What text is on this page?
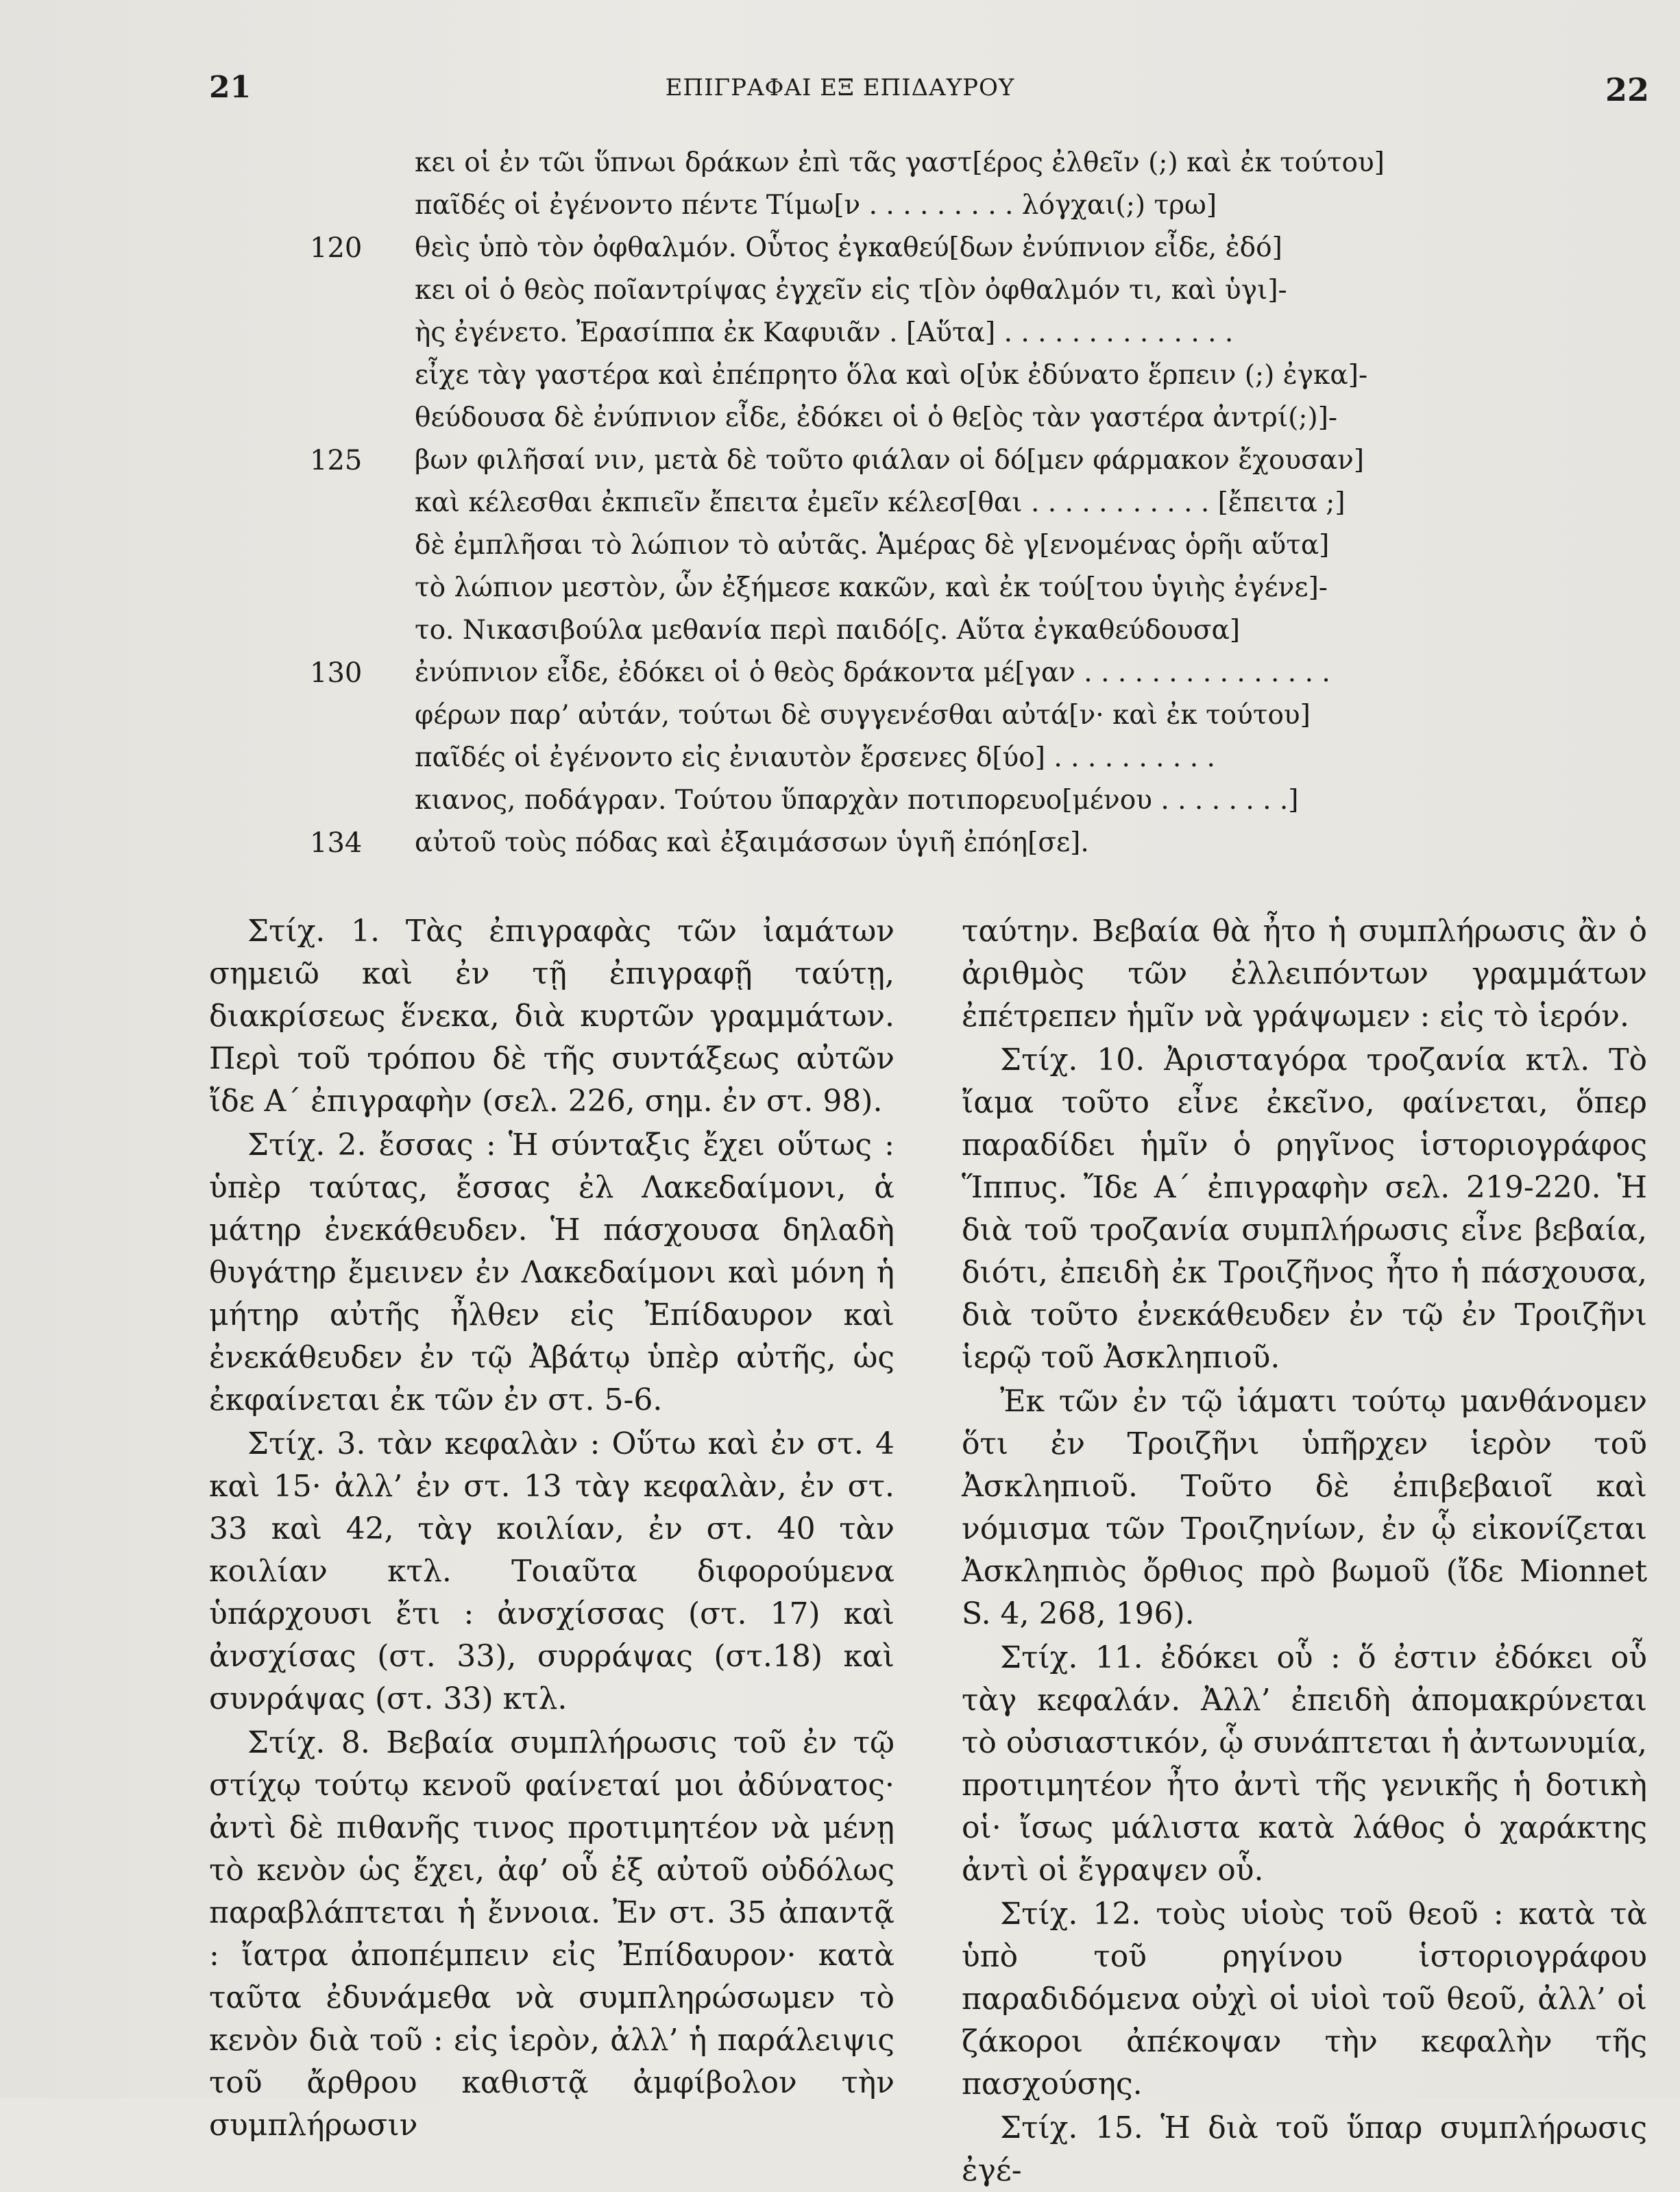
21	ΕΠΙΓΡΑΦΑΙ ΕΞ ΕΠΙΔΑΥΡΟΥ	22
κει οἱ ἐν τῶι ὕπνωι δράκων ἐπὶ τᾶς γαστ[έρος ἐλθεῖν (;) καὶ ἐκ τούτου]
παῖδές οἱ ἐγένοντο πέντε Τίμω[ν . . . . . . . . . λόγχαι(;) τρω]
120 θεὶς ὑπὸ τὸν ὀφθαλμόν. Οὗτος ἐγκαθεύ[δων ἐνύπνιον εἶδε, ἐδό]
κει οἱ ὁ θεὸς ποῖαντρίψας ἐγχεῖν εἰς τ[ὸν ὀφθαλμόν τι, καὶ ὑγι]-
ὴς ἐγένετο. Ἐρασίππα ἐκ Καφυιᾶν . [Αὕτα] . . . . . . . . . . . . . .
εἶχε τὰγ γαστέρα καὶ ἐπέπρητο ὅλα καὶ ο[ὐκ ἐδύνατο ἕρπειν (;) ἐγκα]-
θεύδουσα δὲ ἐνύπνιον εἶδε, ἐδόκει οἱ ὁ θε[ὸς τὰν γαστέρα ἀντρί(;)]-
125 βων φιλῆσαί νιν, μετὰ δὲ τοῦτο φιάλαν οἱ δό[μεν φάρμακον ἔχουσαν]
καὶ κέλεσθαι ἐκπιεῖν ἔπειτα ἐμεῖν κέλεσ[θαι . . . . . . . . . . . [ἔπειτα ;]
δὲ ἐμπλῆσαι τὸ λώπιον τὸ αὐτᾶς. Ἁμέρας δὲ γ[ενομένας ὁρῆι αὕτα]
τὸ λώπιον μεστὸν, ὧν ἐξήμεσε κακῶν, καὶ ἐκ τού[του ὑγιὴς ἐγένε]-
το. Νικασιβούλα μεθανία περὶ παιδό[ς. Αὕτα ἐγκαθεύδουσα]
130 ἐνύπνιον εἶδε, ἐδόκει οἱ ὁ θεὸς δράκοντα μέ[γαν . . . . . . . . . . . . . . .
φέρων παρ’ αὐτάν, τούτωι δὲ συγγενέσθαι αὐτά[ν· καὶ ἐκ τούτου]
παῖδές οἱ ἐγένοντο εἰς ἐνιαυτὸν ἔρσενες δ[ύο] . . . . . . . . . .
κιανος, ποδάγραν. Τούτου ὕπαρχὰν ποτιπορευο[μένου . . . . . . . .]
134 αὐτοῦ τοὺς πόδας καὶ ἐξαιμάσσων ὑγιῆ ἐπόη[σε].

Στίχ. 1. Τὰς ἐπιγραφὰς τῶν ἰαμάτων σημειῶ καὶ ἐν τῇ ἐπιγραφῇ ταύτῃ, διακρίσεως ἕνεκα, διὰ κυρτῶν γραμμάτων. Περὶ τοῦ τρόπου δὲ τῆς συντάξεως αὐτῶν ἴδε Α΄ ἐπιγραφὴν (σελ. 226, σημ. ἐν στ. 98).

Στίχ. 2. ἔσσας : Ἡ σύνταξις ἔχει οὕτως : ὑπὲρ ταύτας, ἔσσας ἐλ Λακεδαίμονι, ἁ μάτηρ ἐνεκάθευδεν. Ἡ πάσχουσα δηλαδὴ θυγάτηρ ἔμεινεν ἐν Λακεδαίμονι καὶ μόνη ἡ μήτηρ αὐτῆς ἦλθεν εἰς Ἐπίδαυρον καὶ ἐνεκάθευδεν ἐν τῷ Ἀβάτῳ ὑπὲρ αὐτῆς, ὡς ἐκφαίνεται ἐκ τῶν ἐν στ. 5-6.

Στίχ. 3. τὰν κεφαλὰν : Οὕτω καὶ ἐν στ. 4 καὶ 15· ἀλλ’ ἐν στ. 13 τὰγ κεφαλὰν, ἐν στ. 33 καὶ 42, τὰγ κοιλίαν, ἐν στ. 40 τὰν κοιλίαν κτλ. Τοιαῦτα διφορούμενα ὑπάρχουσι ἔτι : ἀνσχίσσας (στ. 17) καὶ ἀνσχίσας (στ. 33), συρράψας (στ.18) καὶ συνράψας (στ. 33) κτλ.

Στίχ. 8. Βεβαία συμπλήρωσις τοῦ ἐν τῷ στίχῳ τούτῳ κενοῦ φαίνεταί μοι ἀδύνατος· ἀντὶ δὲ πιθανῆς τινος προτιμητέον νὰ μένῃ τὸ κενὸν ὡς ἔχει, ἀφ’ οὗ ἐξ αὐτοῦ οὐδόλως παραβλάπτεται ἡ ἔννοια. Ἐν στ. 35 ἀπαντᾷ : ἴατρα ἀποπέμπειν εἰς Ἐπίδαυρον· κατὰ ταῦτα ἐδυνάμεθα νὰ συμπληρώσωμεν τὸ κενὸν διὰ τοῦ : εἰς ἱερὸν, ἀλλ’ ἡ παράλειψις τοῦ ἄρθρου καθιστᾷ ἀμφίβολον τὴν συμπλήρωσιν

ταύτην. Βεβαία θὰ ἦτο ἡ συμπλήρωσις ἂν ὁ ἀριθμὸς τῶν ἐλλειπόντων γραμμάτων ἐπέτρεπεν ἡμῖν νὰ γράψωμεν : εἰς τὸ ἱερόν.

Στίχ. 10. Ἀρισταγόρα τροζανία κτλ. Τὸ ἴαμα τοῦτο εἶνε ἐκεῖνο, φαίνεται, ὅπερ παραδίδει ἡμῖν ὁ ρηγῖνος ἱστοριογράφος Ἵππυς. Ἴδε Α΄ ἐπιγραφὴν σελ. 219-220. Ἡ διὰ τοῦ τροζανία συμπλήρωσις εἶνε βεβαία, διότι, ἐπειδὴ ἐκ Τροιζῆνος ἦτο ἡ πάσχουσα, διὰ τοῦτο ἐνεκάθευδεν ἐν τῷ ἐν Τροιζῆνι ἱερῷ τοῦ Ἀσκληπιοῦ.

Ἐκ τῶν ἐν τῷ ἰάματι τούτῳ μανθάνομεν ὅτι ἐν Τροιζῆνι ὑπῆρχεν ἱερὸν τοῦ Ἀσκληπιοῦ. Τοῦτο δὲ ἐπιβεβαιοῖ καὶ νόμισμα τῶν Τροιζηνίων, ἐν ᾧ εἰκονίζεται Ἀσκληπιὸς ὄρθιος πρὸ βωμοῦ (ἴδε Mionnet S. 4, 268, 196).

Στίχ. 11. ἐδόκει οὗ : ὅ ἐστιν ἐδόκει οὗ τὰγ κεφαλάν. Ἀλλ’ ἐπειδὴ ἀπομακρύνεται τὸ οὐσιαστικόν, ᾧ συνάπτεται ἡ ἀντωνυμία, προτιμητέον ἦτο ἀντὶ τῆς γενικῆς ἡ δοτικὴ οἱ· ἴσως μάλιστα κατὰ λάθος ὁ χαράκτης ἀντὶ οἱ ἔγραψεν οὗ.

Στίχ. 12. τοὺς υἱοὺς τοῦ θεοῦ : κατὰ τὰ ὑπὸ τοῦ ρηγίνου ἱστοριογράφου παραδιδόμενα οὐχὶ οἱ υἱοὶ τοῦ θεοῦ, ἀλλ’ οἱ ζάκοροι ἀπέκοψαν τὴν κεφαλὴν τῆς πασχούσης.

Στίχ. 15. Ἡ διὰ τοῦ ὕπαρ συμπλήρωσις ἐγέ-
